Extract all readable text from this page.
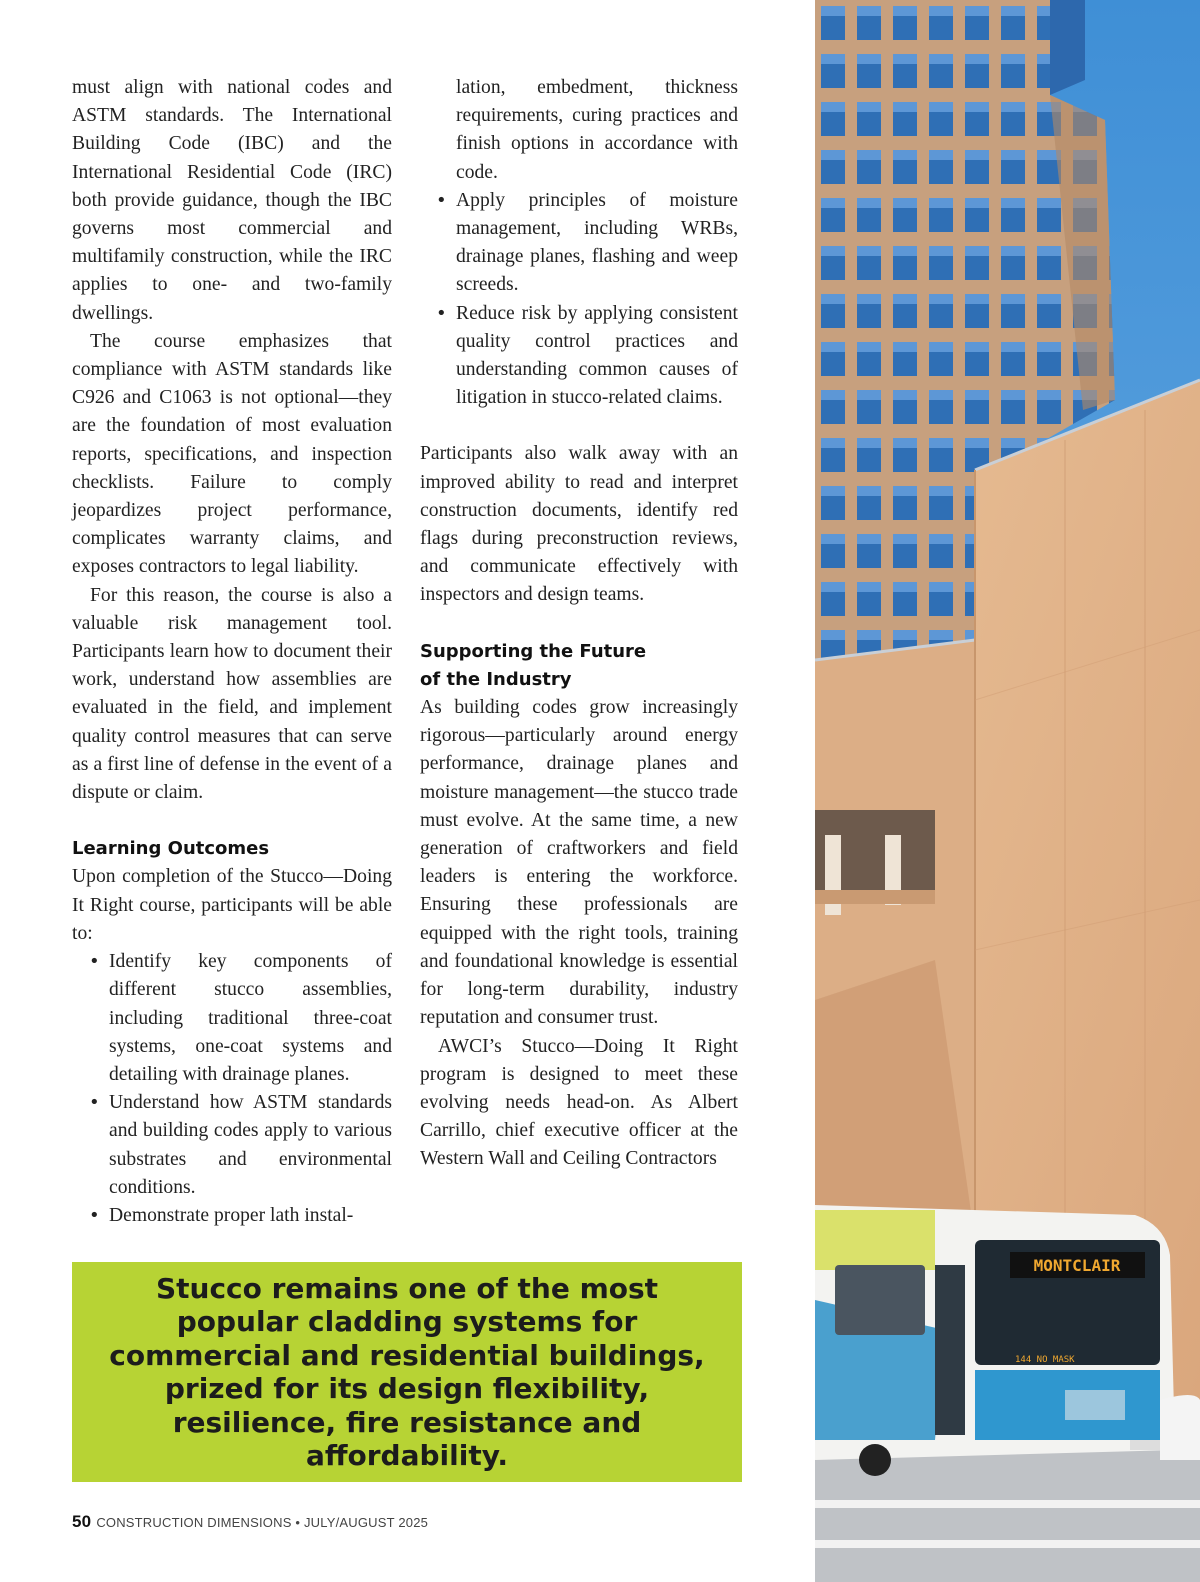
must align with national codes and ASTM standards. The International Building Code (IBC) and the International Residential Code (IRC) both provide guidance, though the IBC governs most commercial and multifamily construction, while the IRC applies to one- and two-family dwellings.

The course emphasizes that compliance with ASTM standards like C926 and C1063 is not optional—they are the foundation of most evaluation reports, specifications, and inspection checklists. Failure to comply jeopardizes project performance, complicates warranty claims, and exposes contractors to legal liability.

For this reason, the course is also a valuable risk management tool. Participants learn how to document their work, understand how assemblies are evaluated in the field, and implement quality control measures that can serve as a first line of defense in the event of a dispute or claim.

Learning Outcomes

Upon completion of the Stucco—Doing It Right course, participants will be able to:

• Identify key components of different stucco assemblies, including traditional three-coat systems, one-coat systems and detailing with drainage planes.
• Understand how ASTM standards and building codes apply to various substrates and environmental conditions.
• Demonstrate proper lath instal-

lation, embedment, thickness requirements, curing practices and finish options in accordance with code.

• Apply principles of moisture management, including WRBs, drainage planes, flashing and weep screeds.
• Reduce risk by applying consistent quality control practices and understanding common causes of litigation in stucco-related claims.

Participants also walk away with an improved ability to read and interpret construction documents, identify red flags during preconstruction reviews, and communicate effectively with inspectors and design teams.

Supporting the Future
of the Industry

As building codes grow increasingly rigorous—particularly around energy performance, drainage planes and moisture management—the stucco trade must evolve. At the same time, a new generation of craftworkers and field leaders is entering the workforce. Ensuring these professionals are equipped with the right tools, training and foundational knowledge is essential for long-term durability, industry reputation and consumer trust.

AWCI’s Stucco—Doing It Right program is designed to meet these evolving needs head-on. As Albert Carrillo, chief executive officer at the Western Wall and Ceiling Contractors

Stucco remains one of the most popular cladding systems for commercial and residential buildings, prized for its design flexibility, resilience, fire resistance and affordability.

50 CONSTRUCTION DIMENSIONS • JULY/AUGUST 2025
MONTCLAIR
144 NO MASK
